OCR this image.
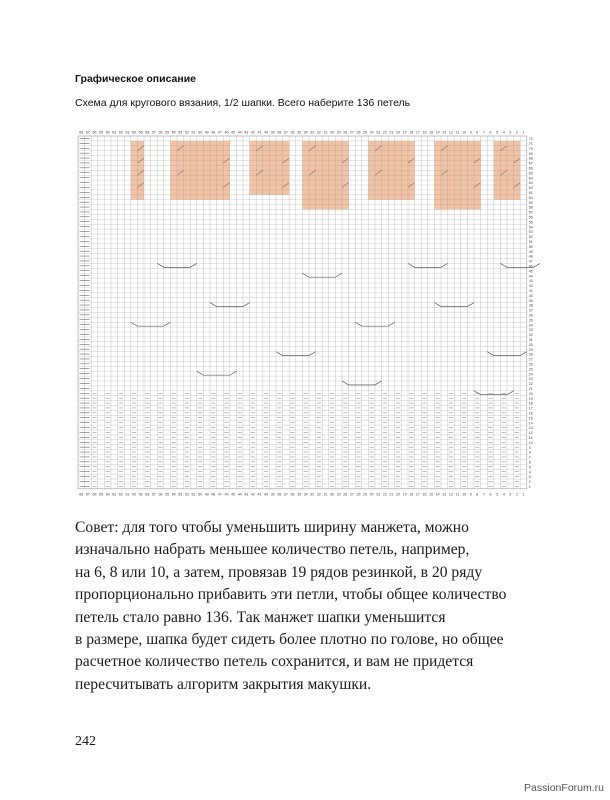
Графическое описание
Схема для кругового вязания, 1/2 шапки. Всего наберите 136 петель
68
68
67
67
66
66
65
65
64
64
63
63
62
62
61
61
60
60
59
59
58
58
57
57
56
56
55
55
54
54
53
53
52
52
51
51
50
50
49
49
48
48
47
47
46
46
45
45
44
44
43
43
42
42
41
41
40
40
39
39
38
38
37
37
36
36
35
35
34
34
33
33
32
32
31
31
30
30
29
29
28
28
27
27
26
26
25
25
24
24
23
23
22
22
21
21
20
20
19
19
18
18
17
17
16
16
15
15
14
14
13
13
12
12
11
11
10
10
9
9
8
8
7
7
6
6
5
5
4
4
3
3
2
2
1
1
72
71
70
69
68
67
66
65
64
63
62
61
60
59
58
57
56
55
54
53
52
51
50
49
48
47
46
45
44
43
42
41
40
39
38
37
36
35
34
33
32
31
30
29
28
27
26
25
24
23
22
21
20
19
18
17
16
15
14
13
12
11
10
9
8
7
6
5
4
3
2
1
Совет: для того чтобы уменьшить ширину манжета, можно
изначально набрать меньшее количество петель, например,
на 6, 8 или 10, а затем, провязав 19 рядов резинкой, в 20 ряду
пропорционально прибавить эти петли, чтобы общее количество
петель стало равно 136. Так манжет шапки уменьшится
в размере, шапка будет сидеть более плотно по голове, но общее
расчетное количество петель сохранится, и вам не придется
пересчитывать алгоритм закрытия макушки.
242
PassionForum.ru
